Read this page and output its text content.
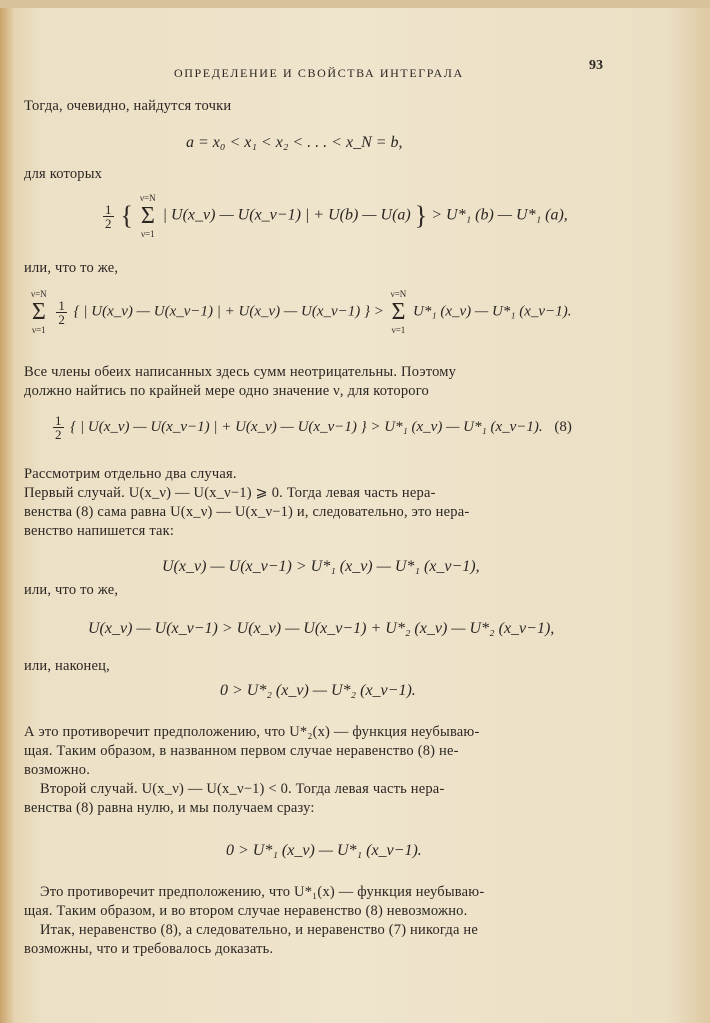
ОПРЕДЕЛЕНИЕ И СВОЙСТВА ИНТЕГРАЛА	93
Тогда, очевидно, найдутся точки
a = x₀ < x₁ < x₂ < . . . < x_N = b,
для которых
$\frac{1}{2}$ {
ν=N
Σ
ν=1
| U(x_ν) — U(x_ν−1) | + U(b) — U(a) } > U*₁ (b) — U*₁ (a),
или, что то же,
ν=N
Σ
ν=1

$\frac{1}{2}$ { | U(x_ν) — U(x_ν−1) | + U(x_ν) — U(x_ν−1) } >
ν=N
Σ
ν=1
U*₁ (x_ν) — U*₁ (x_ν−1).
Все члены обеих написанных здесь сумм неотрицательны. Поэтому
должно найтись по крайней мере одно значение ν, для которого
$\frac{1}{2}$ { | U(x_ν) — U(x_ν−1) | + U(x_ν) — U(x_ν−1) } > U*₁ (x_ν) — U*₁ (x_ν−1). (8)
Рассмотрим отдельно два случая.
Первый случай. U(x_ν) — U(x_ν−1) ⩾ 0. Тогда левая часть нера-
венства (8) сама равна U(x_ν) — U(x_ν−1) и, следовательно, это нера-
венство напишется так:
U(x_ν) — U(x_ν−1) > U*₁ (x_ν) — U*₁ (x_ν−1),
или, что то же,
U(x_ν) — U(x_ν−1) > U(x_ν) — U(x_ν−1) + U*₂ (x_ν) — U*₂ (x_ν−1),
или, наконец,
0 > U*₂ (x_ν) — U*₂ (x_ν−1).
А это противоречит предположению, что U*₂(x) — функция неубываю-
щая. Таким образом, в названном первом случае неравенство (8) не-
возможно.
Второй случай. U(x_ν) — U(x_ν−1) < 0. Тогда левая часть нера-
венства (8) равна нулю, и мы получаем сразу:
0 > U*₁ (x_ν) — U*₁ (x_ν−1).
Это противоречит предположению, что U*₁(x) — функция неубываю-
щая. Таким образом, и во втором случае неравенство (8) невозможно.
Итак, неравенство (8), а следовательно, и неравенство (7) никогда не
возможны, что и требовалось доказать.
